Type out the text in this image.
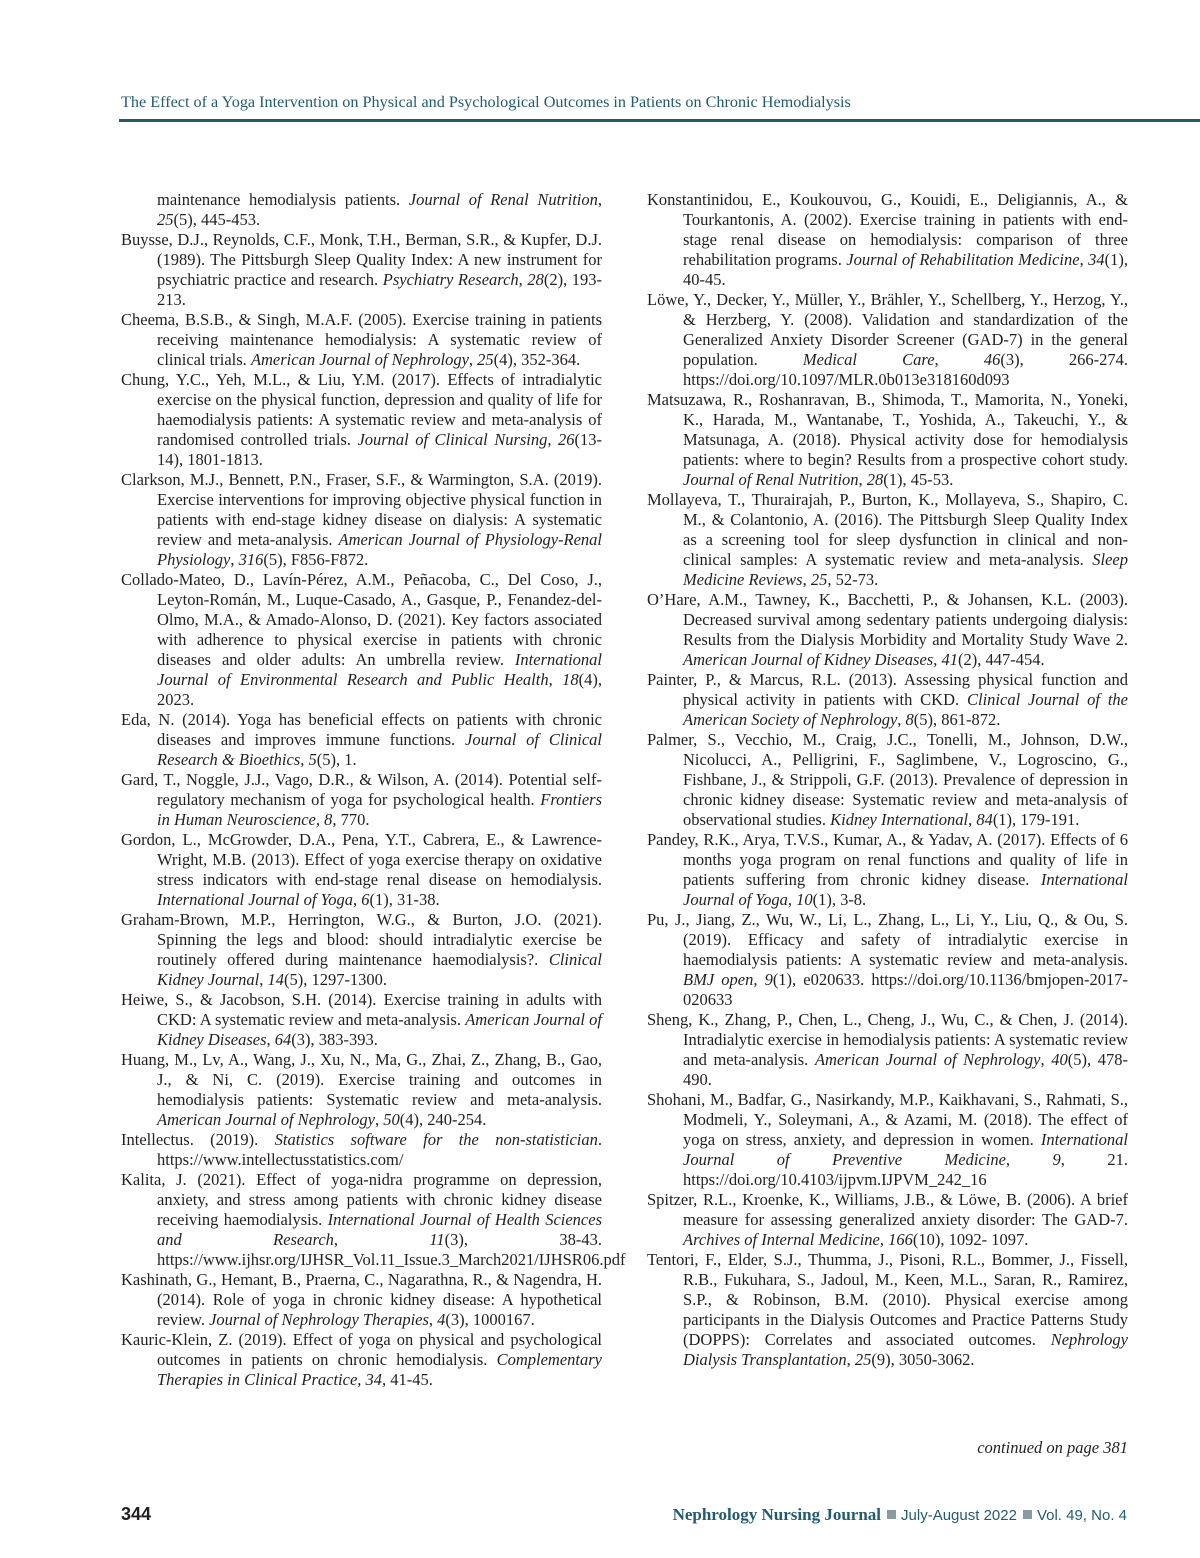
The Effect of a Yoga Intervention on Physical and Psychological Outcomes in Patients on Chronic Hemodialysis

maintenance hemodialysis patients. Journal of Renal Nutrition, 25(5), 445-453.

Buysse, D.J., Reynolds, C.F., Monk, T.H., Berman, S.R., & Kupfer, D.J. (1989). The Pittsburgh Sleep Quality Index: A new instrument for psychiatric practice and research. Psychiatry Research, 28(2), 193-213.

Cheema, B.S.B., & Singh, M.A.F. (2005). Exercise training in patients receiving maintenance hemodialysis: A systematic review of clinical trials. American Journal of Nephrology, 25(4), 352-364.

Chung, Y.C., Yeh, M.L., & Liu, Y.M. (2017). Effects of intradialytic exercise on the physical function, depression and quality of life for haemodialysis patients: A systematic review and meta-analysis of randomised controlled trials. Journal of Clinical Nursing, 26(13-14), 1801-1813.

Clarkson, M.J., Bennett, P.N., Fraser, S.F., & Warmington, S.A. (2019). Exercise interventions for improving objective physical function in patients with end-stage kidney disease on dialysis: A systematic review and meta-analysis. American Journal of Physiology-Renal Physiology, 316(5), F856-F872.

Collado-Mateo, D., Lavín-Pérez, A.M., Peñacoba, C., Del Coso, J., Leyton-Román, M., Luque-Casado, A., Gasque, P., Fenandez-del-Olmo, M.A., & Amado-Alonso, D. (2021). Key factors associated with adherence to physical exercise in patients with chronic diseases and older adults: An umbrella review. International Journal of Environmental Research and Public Health, 18(4), 2023.

Eda, N. (2014). Yoga has beneficial effects on patients with chronic diseases and improves immune functions. Journal of Clinical Research & Bioethics, 5(5), 1.

Gard, T., Noggle, J.J., Vago, D.R., & Wilson, A. (2014). Potential self-regulatory mechanism of yoga for psychological health. Frontiers in Human Neuroscience, 8, 770.

Gordon, L., McGrowder, D.A., Pena, Y.T., Cabrera, E., & Lawrence-Wright, M.B. (2013). Effect of yoga exercise therapy on oxidative stress indicators with end-stage renal disease on hemodialysis. International Journal of Yoga, 6(1), 31-38.

Graham-Brown, M.P., Herrington, W.G., & Burton, J.O. (2021). Spinning the legs and blood: should intradialytic exercise be routinely offered during maintenance haemodialysis?. Clinical Kidney Journal, 14(5), 1297-1300.

Heiwe, S., & Jacobson, S.H. (2014). Exercise training in adults with CKD: A systematic review and meta-analysis. American Journal of Kidney Diseases, 64(3), 383-393.

Huang, M., Lv, A., Wang, J., Xu, N., Ma, G., Zhai, Z., Zhang, B., Gao, J., & Ni, C. (2019). Exercise training and outcomes in hemodialysis patients: Systematic review and meta-analysis. American Journal of Nephrology, 50(4), 240-254.

Intellectus. (2019). Statistics software for the non-statistician. https://www.intellectusstatistics.com/

Kalita, J. (2021). Effect of yoga-nidra programme on depression, anxiety, and stress among patients with chronic kidney disease receiving haemodialysis. International Journal of Health Sciences and Research, 11(3), 38-43. https://www.ijhsr.org/IJHSR_Vol.11_Issue.3_March2021/IJHSR06.pdf

Kashinath, G., Hemant, B., Praerna, C., Nagarathna, R., & Nagendra, H. (2014). Role of yoga in chronic kidney disease: A hypothetical review. Journal of Nephrology Therapies, 4(3), 1000167.

Kauric-Klein, Z. (2019). Effect of yoga on physical and psychological outcomes in patients on chronic hemodialysis. Complementary Therapies in Clinical Practice, 34, 41-45.

Konstantinidou, E., Koukouvou, G., Kouidi, E., Deligiannis, A., & Tourkantonis, A. (2002). Exercise training in patients with end-stage renal disease on hemodialysis: comparison of three rehabilitation programs. Journal of Rehabilitation Medicine, 34(1), 40-45.

Löwe, Y., Decker, Y., Müller, Y., Brähler, Y., Schellberg, Y., Herzog, Y., & Herzberg, Y. (2008). Validation and standardization of the Generalized Anxiety Disorder Screener (GAD-7) in the general population. Medical Care, 46(3), 266-274. https://doi.org/10.1097/MLR.0b013e318160d093

Matsuzawa, R., Roshanravan, B., Shimoda, T., Mamorita, N., Yoneki, K., Harada, M., Wantanabe, T., Yoshida, A., Takeuchi, Y., & Matsunaga, A. (2018). Physical activity dose for hemodialysis patients: where to begin? Results from a prospective cohort study. Journal of Renal Nutrition, 28(1), 45-53.

Mollayeva, T., Thurairajah, P., Burton, K., Mollayeva, S., Shapiro, C. M., & Colantonio, A. (2016). The Pittsburgh Sleep Quality Index as a screening tool for sleep dysfunction in clinical and non-clinical samples: A systematic review and meta-analysis. Sleep Medicine Reviews, 25, 52-73.

O’Hare, A.M., Tawney, K., Bacchetti, P., & Johansen, K.L. (2003). Decreased survival among sedentary patients undergoing dialysis: Results from the Dialysis Morbidity and Mortality Study Wave 2. American Journal of Kidney Diseases, 41(2), 447-454.

Painter, P., & Marcus, R.L. (2013). Assessing physical function and physical activity in patients with CKD. Clinical Journal of the American Society of Nephrology, 8(5), 861-872.

Palmer, S., Vecchio, M., Craig, J.C., Tonelli, M., Johnson, D.W., Nicolucci, A., Pelligrini, F., Saglimbene, V., Logroscino, G., Fishbane, J., & Strippoli, G.F. (2013). Prevalence of depression in chronic kidney disease: Systematic review and meta-analysis of observational studies. Kidney International, 84(1), 179-191.

Pandey, R.K., Arya, T.V.S., Kumar, A., & Yadav, A. (2017). Effects of 6 months yoga program on renal functions and quality of life in patients suffering from chronic kidney disease. International Journal of Yoga, 10(1), 3-8.

Pu, J., Jiang, Z., Wu, W., Li, L., Zhang, L., Li, Y., Liu, Q., & Ou, S. (2019). Efficacy and safety of intradialytic exercise in haemodialysis patients: A systematic review and meta-analysis. BMJ open, 9(1), e020633. https://doi.org/10.1136/bmjopen-2017-020633

Sheng, K., Zhang, P., Chen, L., Cheng, J., Wu, C., & Chen, J. (2014). Intradialytic exercise in hemodialysis patients: A systematic review and meta-analysis. American Journal of Nephrology, 40(5), 478-490.

Shohani, M., Badfar, G., Nasirkandy, M.P., Kaikhavani, S., Rahmati, S., Modmeli, Y., Soleymani, A., & Azami, M. (2018). The effect of yoga on stress, anxiety, and depression in women. International Journal of Preventive Medicine, 9, 21. https://doi.org/10.4103/ijpvm.IJPVM_242_16

Spitzer, R.L., Kroenke, K., Williams, J.B., & Löwe, B. (2006). A brief measure for assessing generalized anxiety disorder: The GAD-7. Archives of Internal Medicine, 166(10), 1092- 1097.

Tentori, F., Elder, S.J., Thumma, J., Pisoni, R.L., Bommer, J., Fissell, R.B., Fukuhara, S., Jadoul, M., Keen, M.L., Saran, R., Ramirez, S.P., & Robinson, B.M. (2010). Physical exercise among participants in the Dialysis Outcomes and Practice Patterns Study (DOPPS): Correlates and associated outcomes. Nephrology Dialysis Transplantation, 25(9), 3050-3062.

continued on page 381
344	Nephrology Nursing Journal July-August 2022 Vol. 49, No. 4
